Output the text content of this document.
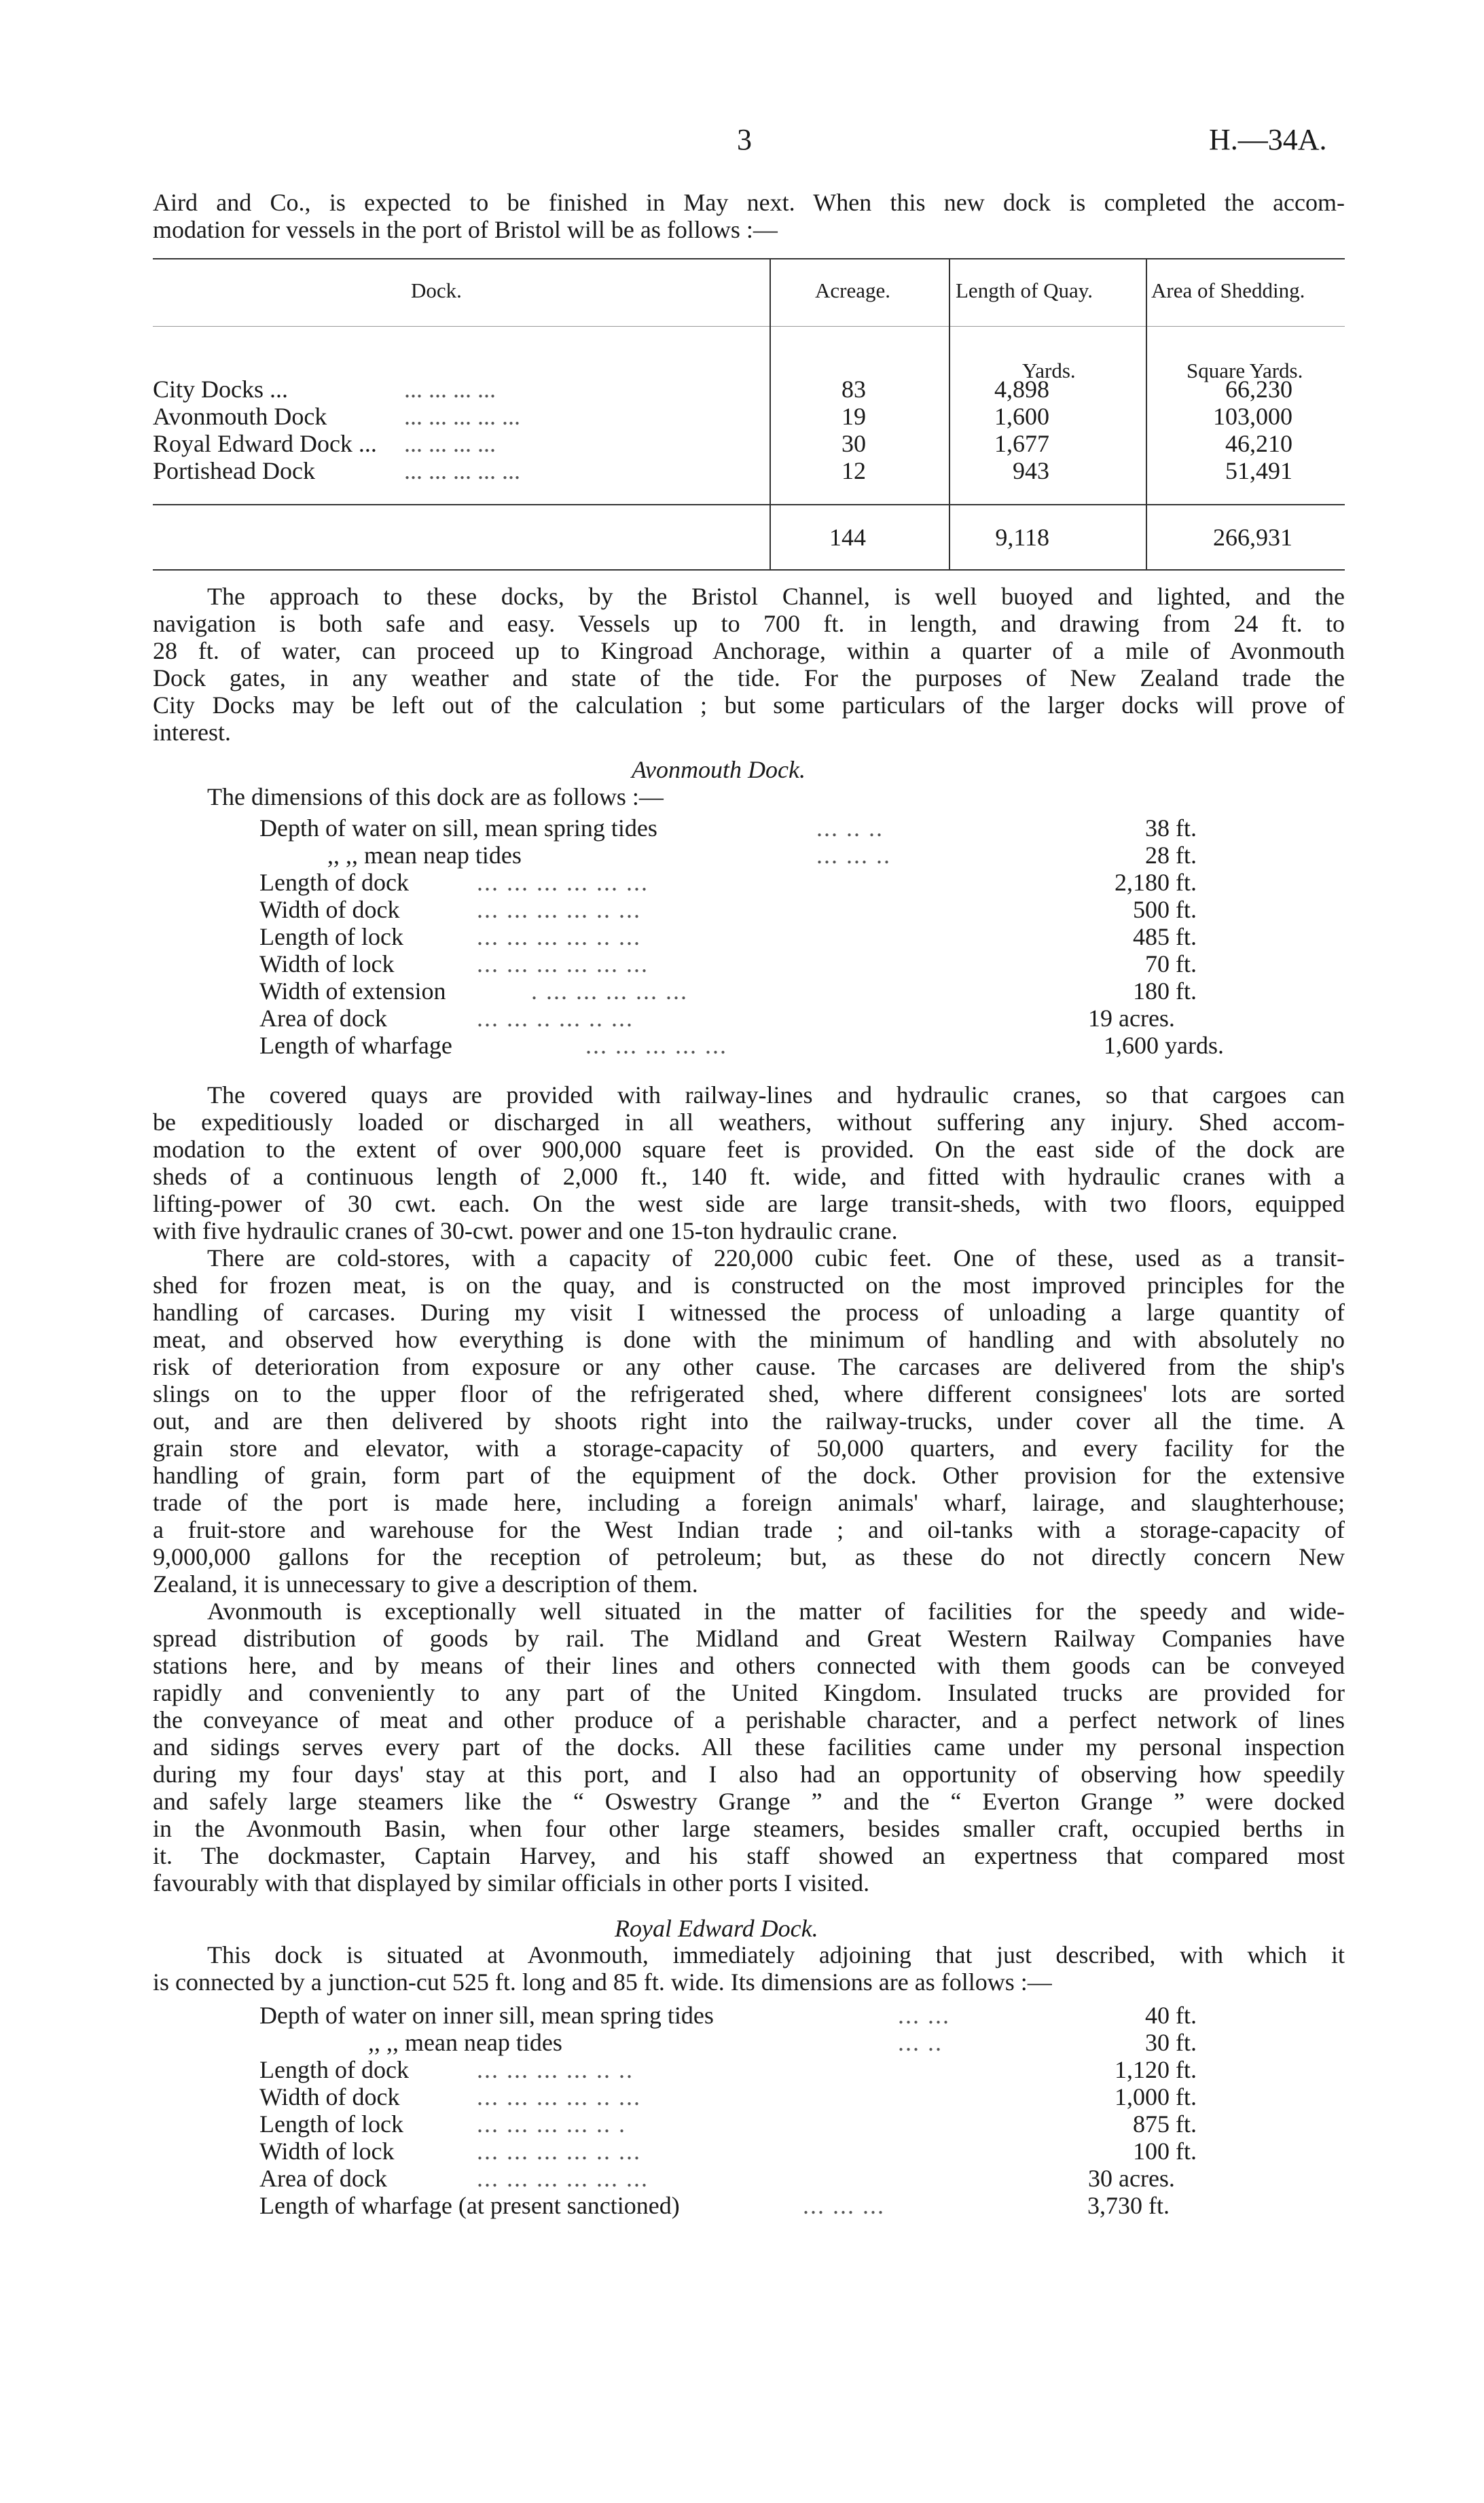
3	H.—34A.
Aird and Co., is expected to be finished in May next. When this new dock is completed the accom-
modation for vessels in the port of Bristol will be as follows :—
Dock.	Acreage.	Length of Quay.	Area of Shedding.
Yards.	Square Yards.
City Docks ...	... ... ... ...	83	4,898	66,230
Avonmouth Dock	... ... ... ... ...	19	1,600	103,000
Royal Edward Dock ... ... ... ... ...	30	1,677	46,210
Portishead Dock	... ... ... ... ...	12	943	51,491
144	9,118	266,931
The approach to these docks, by the Bristol Channel, is well buoyed and lighted, and the
navigation is both safe and easy. Vessels up to 700 ft. in length, and drawing from 24 ft. to
28 ft. of water, can proceed up to Kingroad Anchorage, within a quarter of a mile of Avonmouth
Dock gates, in any weather and state of the tide. For the purposes of New Zealand trade the
City Docks may be left out of the calculation ; but some particulars of the larger docks will prove of
interest.
Avonmouth Dock.
The dimensions of this dock are as follows :—
Depth of water on sill, mean spring tides	... .. ..	38 ft.
,, ,, mean neap tides	... ... ..	28 ft.
Length of dock	... ... ... ... ... ...	2,180 ft.
Width of dock	... ... ... ... .. ...	500 ft.
Length of lock	... ... ... ... .. ...	485 ft.
Width of lock	... ... ... ... ... ...	70 ft.
Width of extension	. ... ... ... ... ...	180 ft.
Area of dock	... ... .. ... .. ...	19 acres.
Length of wharfage	... ... ... ... ...	1,600 yards.
The covered quays are provided with railway-lines and hydraulic cranes, so that cargoes can
be expeditiously loaded or discharged in all weathers, without suffering any injury. Shed accom-
modation to the extent of over 900,000 square feet is provided. On the east side of the dock are
sheds of a continuous length of 2,000 ft., 140 ft. wide, and fitted with hydraulic cranes with a
lifting-power of 30 cwt. each. On the west side are large transit-sheds, with two floors, equipped
with five hydraulic cranes of 30-cwt. power and one 15-ton hydraulic crane.
There are cold-stores, with a capacity of 220,000 cubic feet. One of these, used as a transit-
shed for frozen meat, is on the quay, and is constructed on the most improved principles for the
handling of carcases. During my visit I witnessed the process of unloading a large quantity of
meat, and observed how everything is done with the minimum of handling and with absolutely no
risk of deterioration from exposure or any other cause. The carcases are delivered from the ship's
slings on to the upper floor of the refrigerated shed, where different consignees' lots are sorted
out, and are then delivered by shoots right into the railway-trucks, under cover all the time. A
grain store and elevator, with a storage-capacity of 50,000 quarters, and every facility for the
handling of grain, form part of the equipment of the dock. Other provision for the extensive
trade of the port is made here, including a foreign animals' wharf, lairage, and slaughterhouse;
a fruit-store and warehouse for the West Indian trade ; and oil-tanks with a storage-capacity of
9,000,000 gallons for the reception of petroleum; but, as these do not directly concern New
Zealand, it is unnecessary to give a description of them.
Avonmouth is exceptionally well situated in the matter of facilities for the speedy and wide-
spread distribution of goods by rail. The Midland and Great Western Railway Companies have
stations here, and by means of their lines and others connected with them goods can be conveyed
rapidly and conveniently to any part of the United Kingdom. Insulated trucks are provided for
the conveyance of meat and other produce of a perishable character, and a perfect network of lines
and sidings serves every part of the docks. All these facilities came under my personal inspection
during my four days' stay at this port, and I also had an opportunity of observing how speedily
and safely large steamers like the “ Oswestry Grange ” and the “ Everton Grange ” were docked
in the Avonmouth Basin, when four other large steamers, besides smaller craft, occupied berths in
it. The dockmaster, Captain Harvey, and his staff showed an expertness that compared most
favourably with that displayed by similar officials in other ports I visited.
Royal Edward Dock.
This dock is situated at Avonmouth, immediately adjoining that just described, with which it
is connected by a junction-cut 525 ft. long and 85 ft. wide. Its dimensions are as follows :—
Depth of water on inner sill, mean spring tides	... ...	40 ft.
,, ,, mean neap tides	... ..	30 ft.
Length of dock	... ... ... ... .. ..	1,120 ft.
Width of dock	... ... ... ... .. ...	1,000 ft.
Length of lock	... ... ... ... .. .	875 ft.
Width of lock	... ... ... ... .. ...	100 ft.
Area of dock	... ... ... ... ... ...	30 acres.
Length of wharfage (at present sanctioned)	... ... ...	3,730 ft.
